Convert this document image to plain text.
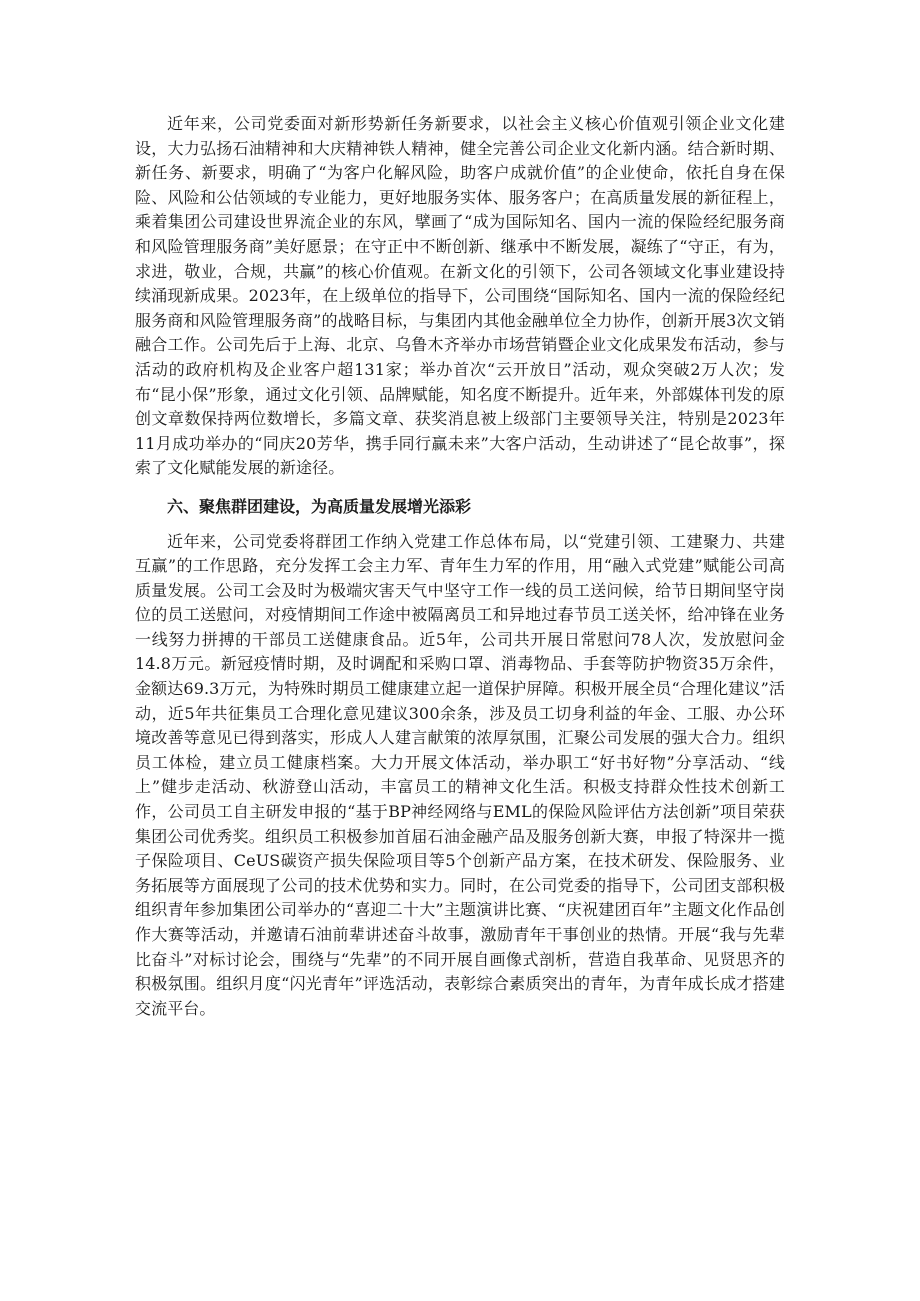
近年来，公司党委面对新形势新任务新要求，以社会主义核心价值观引领企业文化建设，大力弘扬石油精神和大庆精神铁人精神，健全完善公司企业文化新内涵。结合新时期、新任务、新要求，明确了“为客户化解风险，助客户成就价值”的企业使命，依托自身在保险、风险和公估领域的专业能力，更好地服务实体、服务客户；在高质量发展的新征程上，乘着集团公司建设世界流企业的东风，擘画了“成为国际知名、国内一流的保险经纪服务商和风险管理服务商”美好愿景；在守正中不断创新、继承中不断发展，凝练了“守正，有为，求进，敬业，合规，共赢”的核心价值观。在新文化的引领下，公司各领域文化事业建设持续涌现新成果。2023年，在上级单位的指导下，公司围绕“国际知名、国内一流的保险经纪服务商和风险管理服务商”的战略目标，与集团内其他金融单位全力协作，创新开展3次文销融合工作。公司先后于上海、北京、乌鲁木齐举办市场营销暨企业文化成果发布活动，参与活动的政府机构及企业客户超131家；举办首次“云开放日”活动，观众突破2万人次；发布“昆小保”形象，通过文化引领、品牌赋能，知名度不断提升。近年来，外部媒体刊发的原创文章数保持两位数增长，多篇文章、获奖消息被上级部门主要领导关注，特别是2023年11月成功举办的“同庆20芳华，携手同行赢未来”大客户活动，生动讲述了“昆仑故事”，探索了文化赋能发展的新途径。

六、聚焦群团建设，为高质量发展增光添彩

近年来，公司党委将群团工作纳入党建工作总体布局，以“党建引领、工建聚力、共建互赢”的工作思路，充分发挥工会主力军、青年生力军的作用，用“融入式党建”赋能公司高质量发展。公司工会及时为极端灾害天气中坚守工作一线的员工送问候，给节日期间坚守岗位的员工送慰问，对疫情期间工作途中被隔离员工和异地过春节员工送关怀，给冲锋在业务一线努力拼搏的干部员工送健康食品。近5年，公司共开展日常慰问78人次，发放慰问金14.8万元。新冠疫情时期，及时调配和采购口罩、消毒物品、手套等防护物资35万余件，金额达69.3万元，为特殊时期员工健康建立起一道保护屏障。积极开展全员“合理化建议”活动，近5年共征集员工合理化意见建议300余条，涉及员工切身利益的年金、工服、办公环境改善等意见已得到落实，形成人人建言献策的浓厚氛围，汇聚公司发展的强大合力。组织员工体检，建立员工健康档案。大力开展文体活动，举办职工“好书好物”分享活动、“线上”健步走活动、秋游登山活动，丰富员工的精神文化生活。积极支持群众性技术创新工作，公司员工自主研发申报的“基于BP神经网络与EML的保险风险评估方法创新”项目荣获集团公司优秀奖。组织员工积极参加首届石油金融产品及服务创新大赛，申报了特深井一揽子保险项目、CeUS碳资产损失保险项目等5个创新产品方案，在技术研发、保险服务、业务拓展等方面展现了公司的技术优势和实力。同时，在公司党委的指导下，公司团支部积极组织青年参加集团公司举办的“喜迎二十大”主题演讲比赛、“庆祝建团百年”主题文化作品创作大赛等活动，并邀请石油前辈讲述奋斗故事，激励青年干事创业的热情。开展“我与先辈比奋斗”对标讨论会，围绕与“先辈”的不同开展自画像式剖析，营造自我革命、见贤思齐的积极氛围。组织月度“闪光青年”评选活动，表彰综合素质突出的青年，为青年成长成才搭建交流平台。
